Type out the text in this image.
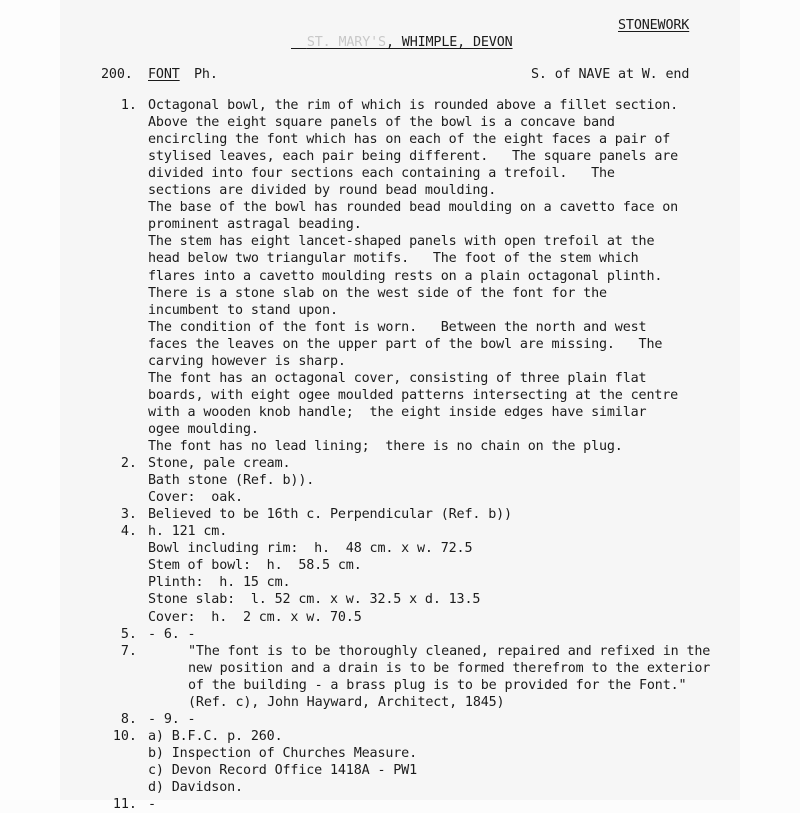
ST. MARY'S, WHIMPLE, DEVON

STONEWORK
200. FONT Ph.	S. of NAVE at W. end
1. Octagonal bowl, the rim of which is rounded above a fillet section.
Above the eight square panels of the bowl is a concave band
encircling the font which has on each of the eight faces a pair of
stylised leaves, each pair being different.   The square panels are
divided into four sections each containing a trefoil.   The
sections are divided by round bead moulding.
The base of the bowl has rounded bead moulding on a cavetto face on
prominent astragal beading.
The stem has eight lancet-shaped panels with open trefoil at the
head below two triangular motifs.   The foot of the stem which
flares into a cavetto moulding rests on a plain octagonal plinth.
There is a stone slab on the west side of the font for the
incumbent to stand upon.
The condition of the font is worn.   Between the north and west
faces the leaves on the upper part of the bowl are missing.   The
carving however is sharp.
The font has an octagonal cover, consisting of three plain flat
boards, with eight ogee moulded patterns intersecting at the centre
with a wooden knob handle;  the eight inside edges have similar
ogee moulding.
The font has no lead lining;  there is no chain on the plug.
2. Stone, pale cream.
Bath stone (Ref. b)).
Cover:  oak.
3. Believed to be 16th c. Perpendicular (Ref. b))
4. h. 121 cm.
Bowl including rim:  h.  48 cm. x w. 72.5
Stem of bowl:  h.  58.5 cm.
Plinth:  h. 15 cm.
Stone slab:  l. 52 cm. x w. 32.5 x d. 13.5
Cover:  h.  2 cm. x w. 70.5
5. - 6. -
7.	"The font is to be thoroughly cleaned, repaired and refixed in the
new position and a drain is to be formed therefrom to the exterior
of the building - a brass plug is to be provided for the Font."
(Ref. c), John Hayward, Architect, 1845)
8. - 9. -
10. a) B.F.C. p. 260.
b) Inspection of Churches Measure.
c) Devon Record Office 1418A - PW1
d) Davidson.
11. -
